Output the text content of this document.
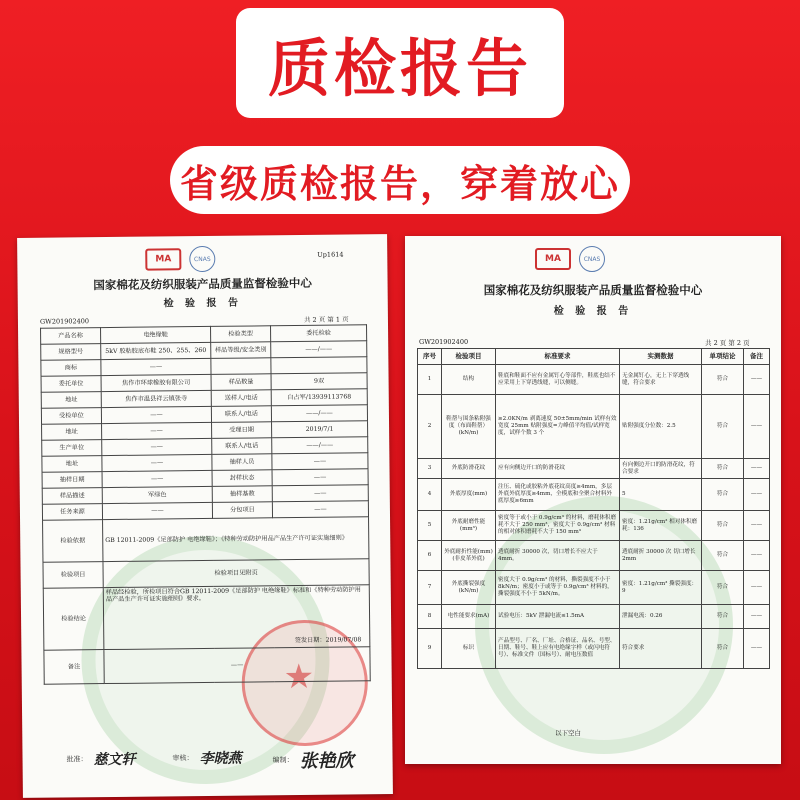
质检报告
省级质检报告，穿着放心
★
MA	CNAS
Up1614
国家棉花及纺织服装产品质量监督检验中心
检 验 报 告
GW201902400	共 2 页 第 1 页
产品名称	电绝缘鞋	检验类型	委托检验
规格型号	5kV 胶粘胶底布鞋 250、255、260	样品等级/安全类别	——/——
商标	——		
委托单位	焦作市环球橡胶有限公司	样品数量	9双
地址	焦作市温县祥云镇张寺	送样人/电话	白占军/13939113768
受检单位	——	联系人/电话	——/——
地址	——	受理日期	2019/7/1
生产单位	——	联系人/电话	——/——
地址	——	抽样人员	——
抽样日期	——	封样状态	——
样品描述	军绿色	抽样基数	——
任务来源	——	分包项目	——
检验依据	GB 12011-2009《足部防护 电绝缘鞋》；《特种劳动防护用品产品生产许可证实施细则》		
检验项目	检验项目见附页		
检验结论	样品经检验，所检项目符合GB 12011-2009《足部防护 电绝缘鞋》标准和《特种劳动防护用品产品生产许可证实施细则》要求。
签发日期：2019/07/08		

备注	——		
批准： 慈文轩	审核： 李晓燕	编制： 张艳欣
MA	CNAS
国家棉花及纺织服装产品质量监督检验中心
检 验 报 告
GW201902400	共 2 页 第 2 页
序号	检验项目	标准要求	实测数据	单项结论	备注
1	结构	鞋底和鞋面不应有金属钉心等部件，鞋底也结不应采用上下穿透线缝，可以侧缝。	无金属钉心，无上下穿透线缝，符合要求	符合	——
2	鞋帮与围条粘附强度（布面鞋帮）(kN/m)	≥2.0KN/m 剥离速度 50±5mm/min 试样有效宽度 25mm 贴附强度=力峰值平均值/试样宽度，试样个数 3 个	贴附强度分位数：2.5	符合	——
3	外底防滑花纹	应有向侧边开口的防滑花纹	有向侧边开口的防滑花纹，符合要求	符合	——
4	外底厚度(mm)	注压、硫化或胶粘外底花纹高度≥4mm，多层外底外底厚度≥4mm，全模底和全聚合材料外底厚度≥6mm	5	符合	——
5	外底耐磨性能(mm³)	密度等于或小于 0.9g/cm³ 的材料，磨耗体积磨耗不大于 250 mm³，密度大于 0.9g/cm³ 材料的相对体积磨耗不大于 150 mm³	密度：1.21g/cm³ 相对体积磨耗：136	符合	——
6	外底耐折性能(mm)(非皮革外底)	透底耐折 30000 次，切口增长不应大于 4mm。	透底耐折 30000 次 切口增长 2mm	符合	——
7	外底撕裂强度(kN/m)	密度大于 0.9g/cm³ 的材料，撕裂强度不小于 8kN/m；密度小于或等于 0.9g/cm³ 材料的，撕裂强度不小于 5kN/m。	密度：1.21g/cm³ 撕裂强度：9	符合	——
8	电性能要求(mA)	试验电压：5kV 泄漏电流≤1.5mA	泄漏电流：0.26	符合	——
9	标识	产品型号、厂名、厂址、合格证、品名、号型、日期、鞋号、鞋上应有电绝缘字样（或闪电符号）、标准文件（国标号）、耐电压数值	符合要求	符合	——
以下空白
